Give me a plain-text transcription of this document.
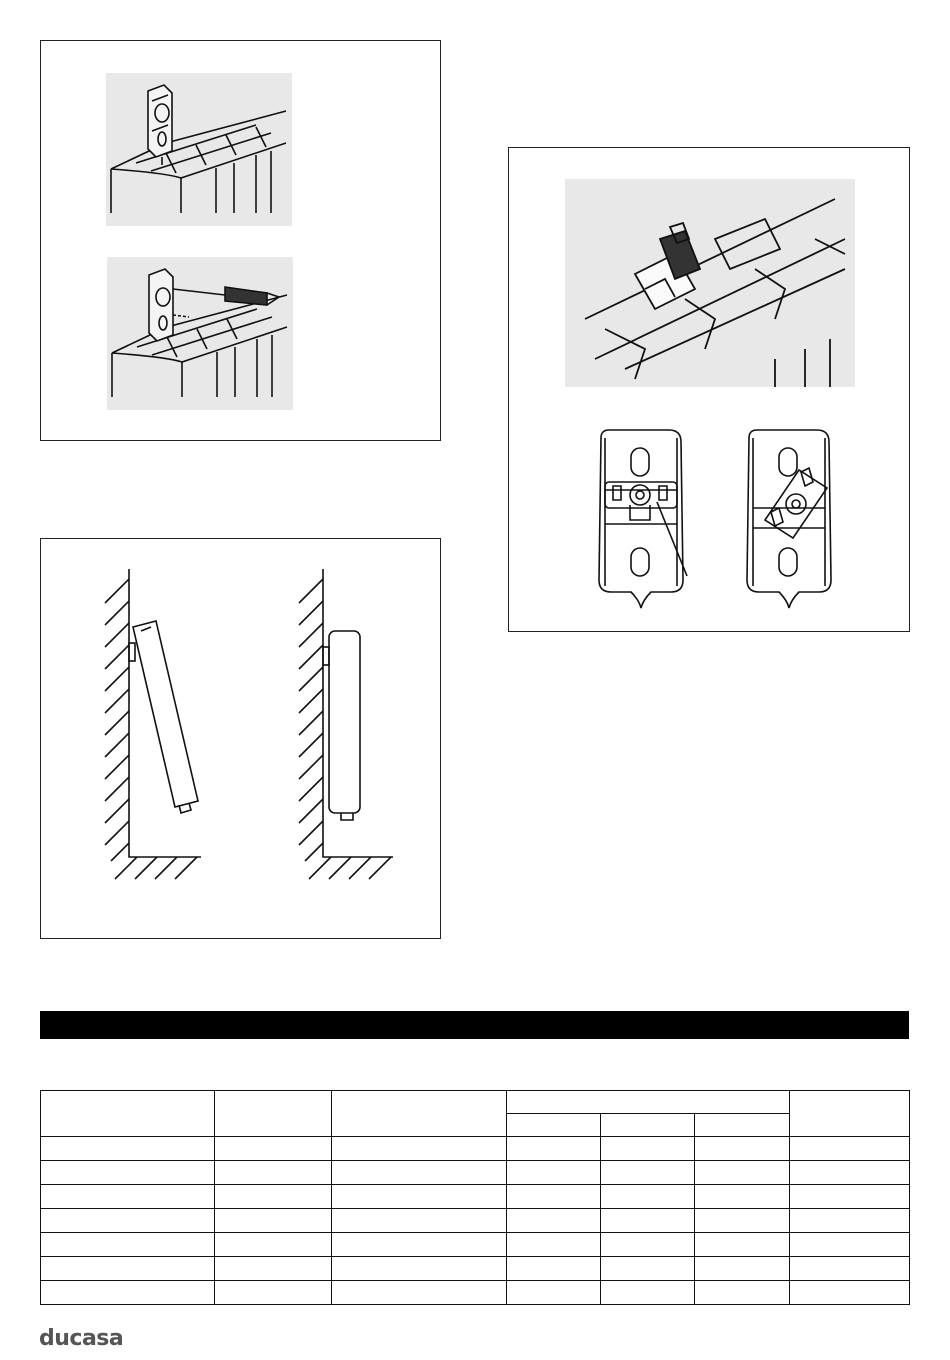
ducasa
